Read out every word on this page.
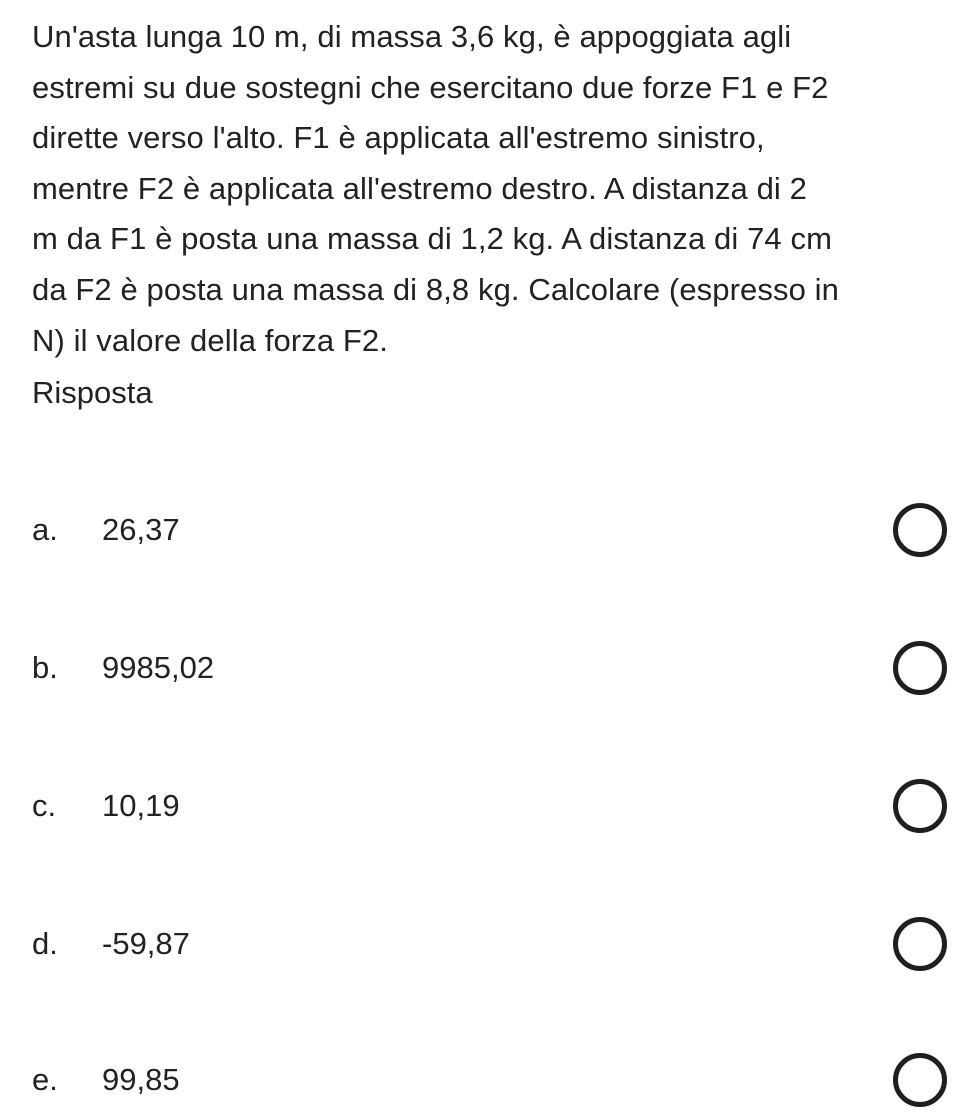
Un'asta lunga 10 m, di massa 3,6 kg, è appoggiata agli
estremi su due sostegni che esercitano due forze F1 e F2
dirette verso l'alto. F1 è applicata all'estremo sinistro,
mentre F2 è applicata all'estremo destro. A distanza di 2
m da F1 è posta una massa di 1,2 kg. A distanza di 74 cm
da F2 è posta una massa di 8,8 kg. Calcolare (espresso in
N) il valore della forza F2.
Risposta
a. 26,37
b. 9985,02
c. 10,19
d. -59,87
e. 99,85
